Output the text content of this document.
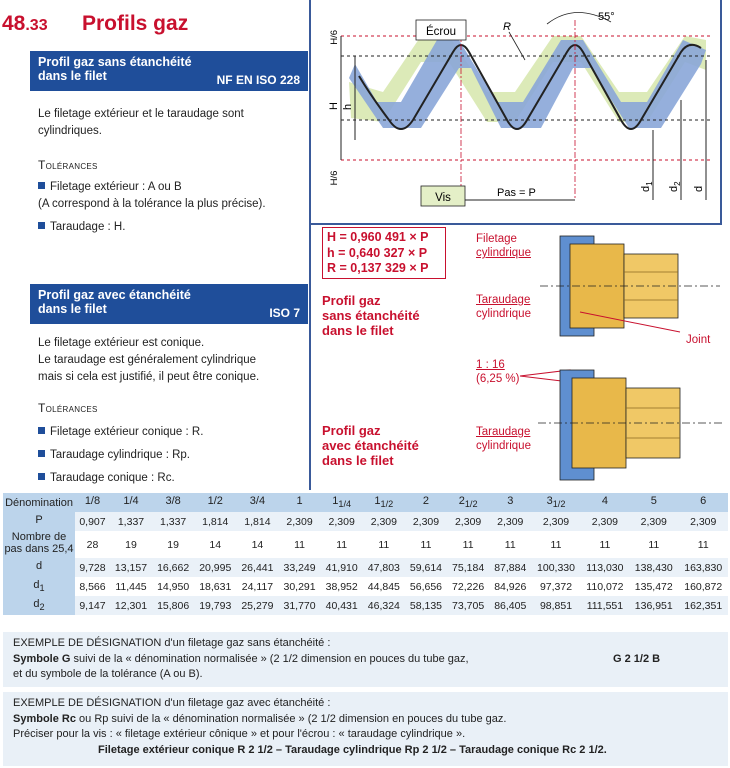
48.33 Profils gaz
Profil gaz sans étanchéité
dans le filet	NF EN ISO 228
Le filetage extérieur et le taraudage sont cylindriques.
Tolérances
Filetage extérieur : A ou B
(A correspond à la tolérance la plus précise).
Taraudage : H.
Profil gaz avec étanchéité
dans le filet	ISO 7
Le filetage extérieur est conique.
Le taraudage est généralement cylindrique
mais si cela est justifié, il peut être conique.
Tolérances
Filetage extérieur conique : R.
Taraudage cylindrique : Rp.
Taraudage conique : Rc.
Écrou
Vis
55°
R
H/6
H/6
H h
Pas = P	$d_1$
$d_2$
d
H = 0,960 491 × P
h = 0,640 327 × P
R = 0,137 329 × P
Profil gaz
sans étanchéité
dans le filet
Filetage
cylindrique
Taraudage
cylindrique
Joint
Profil gaz
avec étanchéité
dans le filet
1 : 16
(6,25 %)
Taraudage
cylindrique
Dénomination	1/8	1/4	3/8	1/2	3/4	1	$1_{1/4}$	$1_{1/2}$	2	$2_{1/2}$	3	$3_{1/2}$	4	5	6
P	0,907	1,337	1,337	1,814	1,814	2,309	2,309	2,309	2,309	2,309	2,309	2,309	2,309	2,309	2,309
Nombre de pas dans 25,4	28	19	19	14	14	11	11	11	11	11	11	11	11	11	11
d	9,728	13,157	16,662	20,995	26,441	33,249	41,910	47,803	59,614	75,184	87,884	100,330	113,030	138,430	163,830
$d_1$	8,566	11,445	14,950	18,631	24,117	30,291	38,952	44,845	56,656	72,226	84,926	97,372	110,072	135,472	160,872
$d_2$	9,147	12,301	15,806	19,793	25,279	31,770	40,431	46,324	58,135	73,705	86,405	98,851	111,551	136,951	162,351
EXEMPLE DE DÉSIGNATION d'un filetage gaz sans étanchéité :
Symbole G suivi de la « dénomination normalisée » (2 1/2 dimension en pouces du tube gaz,
et du symbole de la tolérance (A ou B).
G 2 1/2 B
EXEMPLE DE DÉSIGNATION d'un filetage gaz avec étanchéité :
Symbole Rc ou Rp suivi de la « dénomination normalisée » (2 1/2 dimension en pouces du tube gaz.
Préciser pour la vis : « filetage extérieur cônique » et pour l'écrou : « taraudage cylindrique ».
Filetage extérieur conique R 2 1/2 – Taraudage cylindrique Rp 2 1/2 – Taraudage conique Rc 2 1/2.
